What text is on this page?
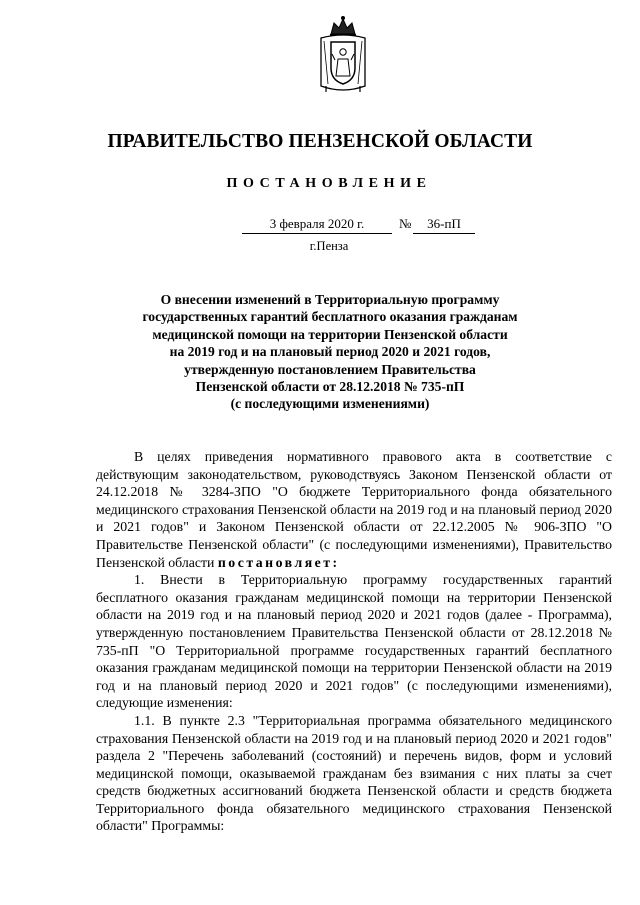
ПРАВИТЕЛЬСТВО ПЕНЗЕНСКОЙ ОБЛАСТИ
ПОСТАНОВЛЕНИЕ
3 февраля 2020 г.	№	36-пП
г.Пенза
О внесении изменений в Территориальную программу
государственных гарантий бесплатного оказания гражданам
медицинской помощи на территории Пензенской области
на 2019 год и на плановый период 2020 и 2021 годов,
утвержденную постановлением Правительства
Пензенской области от 28.12.2018 № 735-пП
(с последующими изменениями)

В целях приведения нормативного правового акта в соответствие с действующим законодательством, руководствуясь Законом Пензенской области от 24.12.2018 № 3284-ЗПО "О бюджете Территориального фонда обязательного медицинского страхования Пензенской области на 2019 год и на плановый период 2020 и 2021 годов" и Законом Пензенской области от 22.12.2005 № 906-ЗПО "О Правительстве Пензенской области" (с последующими изменениями), Правительство Пензенской области постановляет:

1. Внести в Территориальную программу государственных гарантий бесплатного оказания гражданам медицинской помощи на территории Пензенской области на 2019 год и на плановый период 2020 и 2021 годов (далее - Программа), утвержденную постановлением Правительства Пензенской области от 28.12.2018 № 735-пП "О Территориальной программе государственных гарантий бесплатного оказания гражданам медицинской помощи на территории Пензенской области на 2019 год и на плановый период 2020 и 2021 годов" (с последующими изменениями), следующие изменения:

1.1. В пункте 2.3 "Территориальная программа обязательного медицинского страхования Пензенской области на 2019 год и на плановый период 2020 и 2021 годов" раздела 2 "Перечень заболеваний (состояний) и перечень видов, форм и условий медицинской помощи, оказываемой гражданам без взимания с них платы за счет средств бюджетных ассигнований бюджета Пензенской области и средств бюджета Территориального фонда обязательного медицинского страхования Пензенской области" Программы:
